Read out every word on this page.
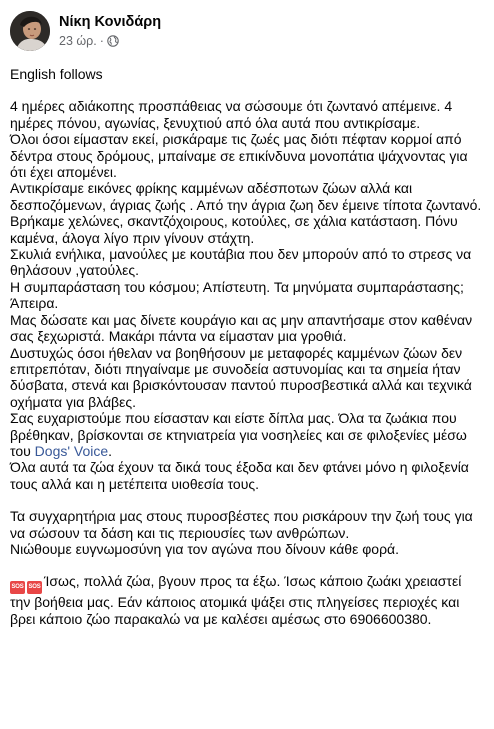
Νίκη Κονιδάρη
23 ώρ. ·

English follows

4 ημέρες αδιάκοπης προσπάθειας να σώσουμε ότι ζωντανό απέμεινε. 4 ημέρες πόνου, αγωνίας, ξενυχτιού από όλα αυτά που αντικρίσαμε.

Όλοι όσοι είμασταν εκεί, ρισκάραμε τις ζωές μας διότι πέφταν κορμοί από δέντρα στους δρόμους, μπαίναμε σε επικίνδυνα μονοπάτια ψάχνοντας για ότι έχει απομένει.

Αντικρίσαμε εικόνες φρίκης καμμένων αδέσποτων ζώων αλλά και δεσποζόμενων, άγριας ζωής . Από την άγρια ζωη δεν έμεινε τίποτα ζωντανό.

Βρήκαμε χελώνες, σκαντζόχοιρους, κοτούλες, σε χάλια κατάσταση. Πόνυ καμένα, άλογα λίγο πριν γίνουν στάχτη.

Σκυλιά ενήλικα, μανούλες με κουτάβια που δεν μπορούν από το στρεσς να θηλάσουν ,γατούλες.

Η συμπαράσταση του κόσμου; Απίστευτη. Τα μηνύματα συμπαράστασης; Άπειρα.

Μας δώσατε και μας δίνετε κουράγιο και ας μην απαντήσαμε στον καθέναν σας ξεχωριστά. Μακάρι πάντα να είμασταν μια γροθιά.

Δυστυχώς όσοι ήθελαν να βοηθήσουν με μεταφορές καμμένων ζώων δεν επιτρεπόταν, διότι πηγαίναμε με συνοδεία αστυνομίας και τα σημεία ήταν δύσβατα, στενά και βρισκόντουσαν παντού πυροσβεστικά αλλά και τεχνικά οχήματα για βλάβες.

Σας ευχαριστούμε που είσασταν και είστε δίπλα μας. Όλα τα ζωάκια που βρέθηκαν, βρίσκονται σε κτηνιατρεία για νοσηλείες και σε φιλοξενίες μέσω του Dogs' Voice.

Όλα αυτά τα ζώα έχουν τα δικά τους έξοδα και δεν φτάνει μόνο η φιλοξενία τους αλλά και η μετέπειτα υιοθεσία τους.

Τα συγχαρητήρια μας στους πυροσβέστες που ρισκάρουν την ζωή τους για να σώσουν τα δάση και τις περιουσίες των ανθρώπων.

Νιώθουμε ευγνωμοσύνη για τον αγώνα που δίνουν κάθε φορά.

SOS SOS Ίσως, πολλά ζώα, βγουν προς τα έξω. Ίσως κάποιο ζωάκι χρειαστεί την βοήθεια μας. Εάν κάποιος ατομικά ψάξει στις πληγείσες περιοχές και βρει κάποιο ζώο παρακαλώ να με καλέσει αμέσως στο 6906600380.
